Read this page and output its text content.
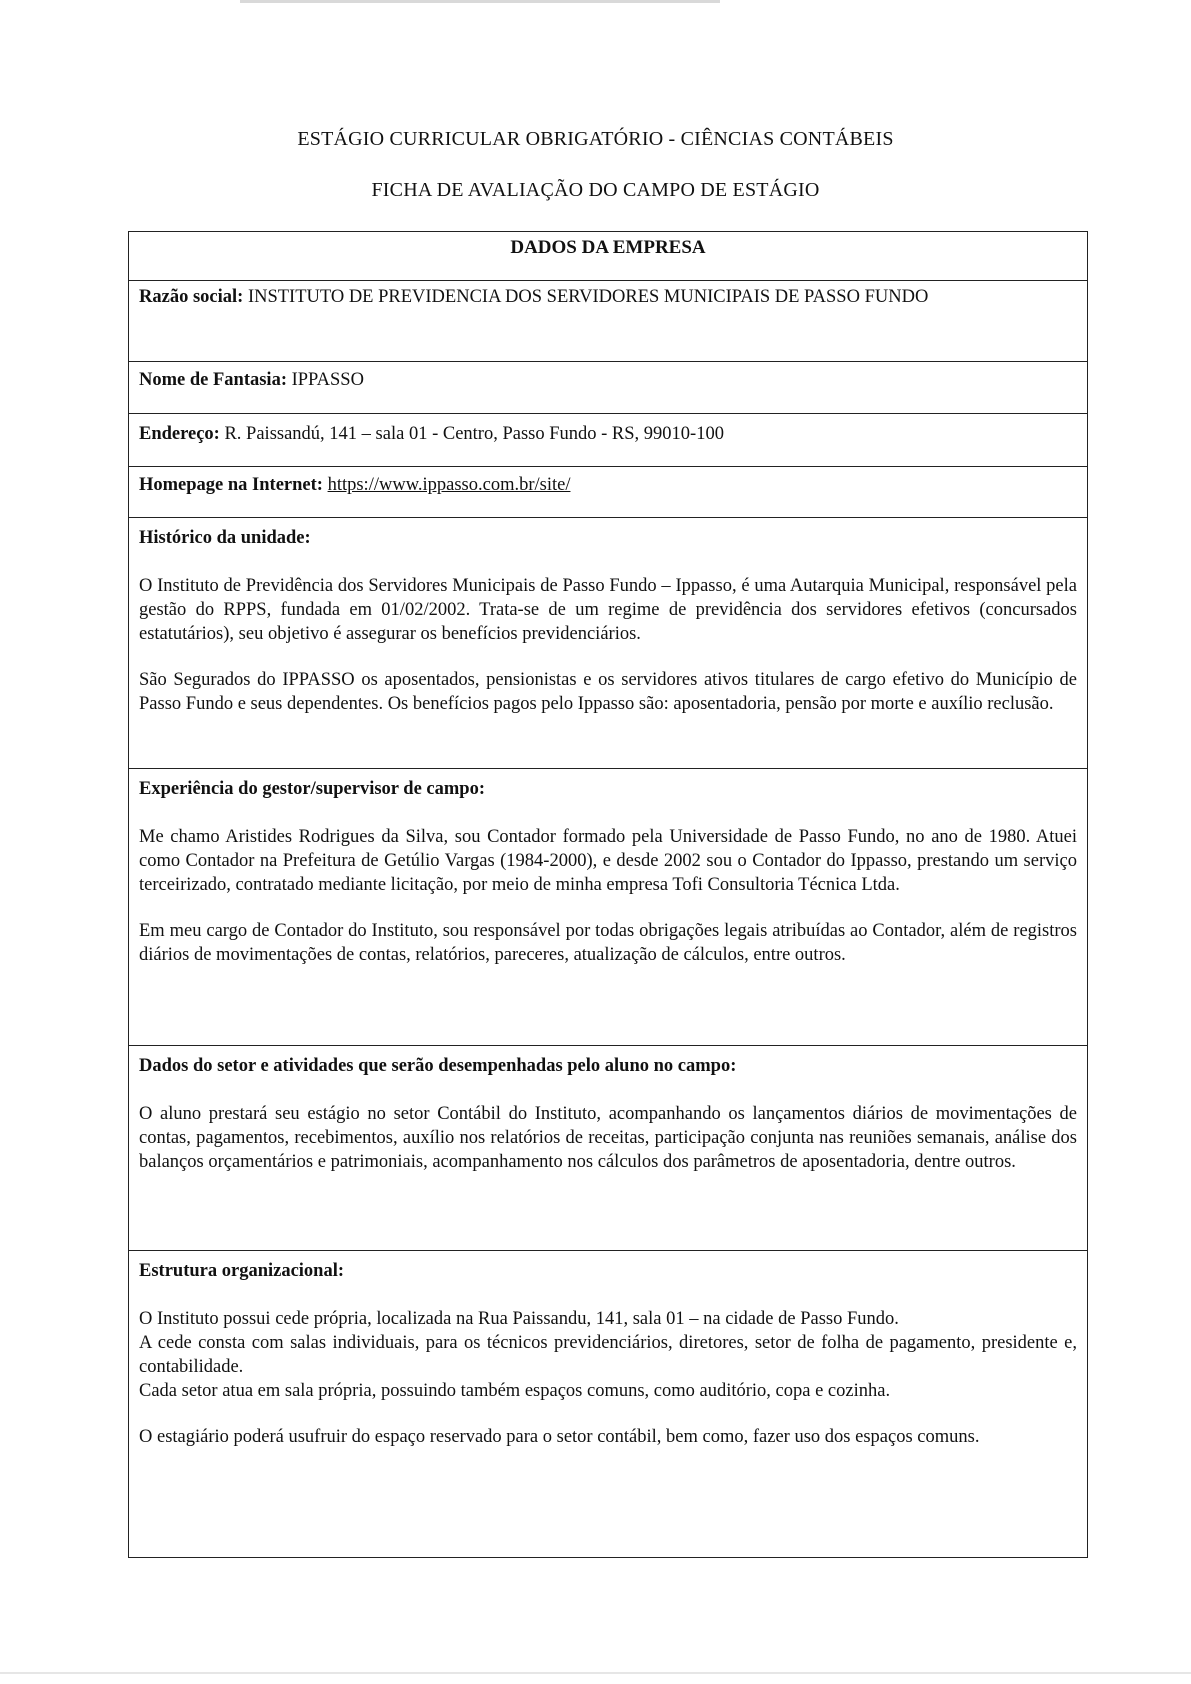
ESTÁGIO CURRICULAR OBRIGATÓRIO - CIÊNCIAS CONTÁBEIS
FICHA DE AVALIAÇÃO DO CAMPO DE ESTÁGIO
DADOS DA EMPRESA
Razão social: INSTITUTO DE PREVIDENCIA DOS SERVIDORES MUNICIPAIS DE PASSO FUNDO
Nome de Fantasia: IPPASSO
Endereço: R. Paissandú, 141 – sala 01 - Centro, Passo Fundo - RS, 99010-100
Homepage na Internet: https://www.ippasso.com.br/site/
Histórico da unidade:

O Instituto de Previdência dos Servidores Municipais de Passo Fundo – Ippasso, é uma Autarquia Municipal, responsável pela gestão do RPPS, fundada em 01/02/2002. Trata-se de um regime de previdência dos servidores efetivos (concursados estatutários), seu objetivo é assegurar os benefícios previdenciários.

São Segurados do IPPASSO os aposentados, pensionistas e os servidores ativos titulares de cargo efetivo do Município de Passo Fundo e seus dependentes. Os benefícios pagos pelo Ippasso são: aposentadoria, pensão por morte e auxílio reclusão.

Experiência do gestor/supervisor de campo:

Me chamo Aristides Rodrigues da Silva, sou Contador formado pela Universidade de Passo Fundo, no ano de 1980. Atuei como Contador na Prefeitura de Getúlio Vargas (1984-2000), e desde 2002 sou o Contador do Ippasso, prestando um serviço terceirizado, contratado mediante licitação, por meio de minha empresa Tofi Consultoria Técnica Ltda.

Em meu cargo de Contador do Instituto, sou responsável por todas obrigações legais atribuídas ao Contador, além de registros diários de movimentações de contas, relatórios, pareceres, atualização de cálculos, entre outros.

Dados do setor e atividades que serão desempenhadas pelo aluno no campo:

O aluno prestará seu estágio no setor Contábil do Instituto, acompanhando os lançamentos diários de movimentações de contas, pagamentos, recebimentos, auxílio nos relatórios de receitas, participação conjunta nas reuniões semanais, análise dos balanços orçamentários e patrimoniais, acompanhamento nos cálculos dos parâmetros de aposentadoria, dentre outros.

Estrutura organizacional:

O Instituto possui cede própria, localizada na Rua Paissandu, 141, sala 01 – na cidade de Passo Fundo.

A cede consta com salas individuais, para os técnicos previdenciários, diretores, setor de folha de pagamento, presidente e, contabilidade.

Cada setor atua em sala própria, possuindo também espaços comuns, como auditório, copa e cozinha.

O estagiário poderá usufruir do espaço reservado para o setor contábil, bem como, fazer uso dos espaços comuns.
